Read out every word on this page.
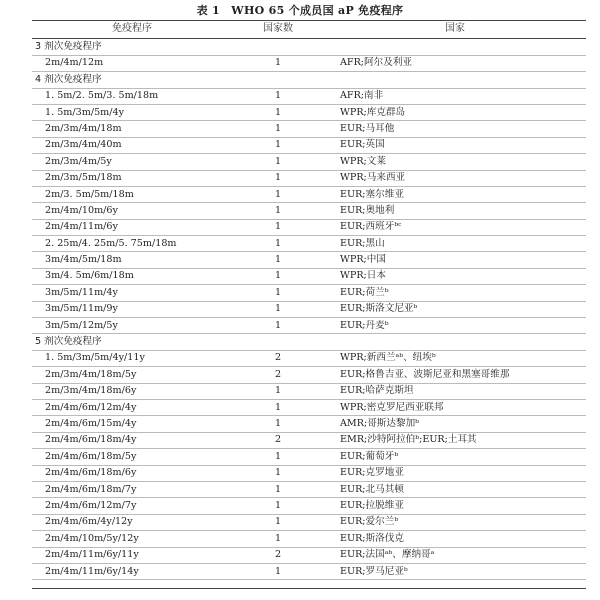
表 1　WHO 65 个成员国 aP 免疫程序
免疫程序	国家数	国家
3 剂次免疫程序
2m/4m/12m	1	AFR;阿尔及利亚
4 剂次免疫程序
1. 5m/2. 5m/3. 5m/18m	1	AFR;南非
1. 5m/3m/5m/4y	1	WPR;库克群岛
2m/3m/4m/18m	1	EUR;马耳他
2m/3m/4m/40m	1	EUR;英国
2m/3m/4m/5y	1	WPR;文莱
2m/3m/5m/18m	1	WPR;马来西亚
2m/3. 5m/5m/18m	1	EUR;塞尔维亚
2m/4m/10m/6y	1	EUR;奥地利
2m/4m/11m/6y	1	EUR;西班牙ᵇᶜ
2. 25m/4. 25m/5. 75m/18m	1	EUR;黑山
3m/4m/5m/18m	1	WPR;中国
3m/4. 5m/6m/18m	1	WPR;日本
3m/5m/11m/4y	1	EUR;荷兰ᵇ
3m/5m/11m/9y	1	EUR;斯洛文尼亚ᵇ
3m/5m/12m/5y	1	EUR;丹麦ᵇ
5 剂次免疫程序
1. 5m/3m/5m/4y/11y	2	WPR;新西兰ᵃᵇ、纽埃ᵇ
2m/3m/4m/18m/5y	2	EUR;格鲁吉亚、波斯尼亚和黑塞哥维那
2m/3m/4m/18m/6y	1	EUR;哈萨克斯坦
2m/4m/6m/12m/4y	1	WPR;密克罗尼西亚联邦
2m/4m/6m/15m/4y	1	AMR;哥斯达黎加ᵇ
2m/4m/6m/18m/4y	2	EMR;沙特阿拉伯ᵇ;EUR;土耳其
2m/4m/6m/18m/5y	1	EUR;葡萄牙ᵇ
2m/4m/6m/18m/6y	1	EUR;克罗地亚
2m/4m/6m/18m/7y	1	EUR;北马其顿
2m/4m/6m/12m/7y	1	EUR;拉脱维亚
2m/4m/6m/4y/12y	1	EUR;爱尔兰ᵇ
2m/4m/10m/5y/12y	1	EUR;斯洛伐克
2m/4m/11m/6y/11y	2	EUR;法国ᵃᵇ、摩纳哥ᵃ
2m/4m/11m/6y/14y	1	EUR;罗马尼亚ᵇ
